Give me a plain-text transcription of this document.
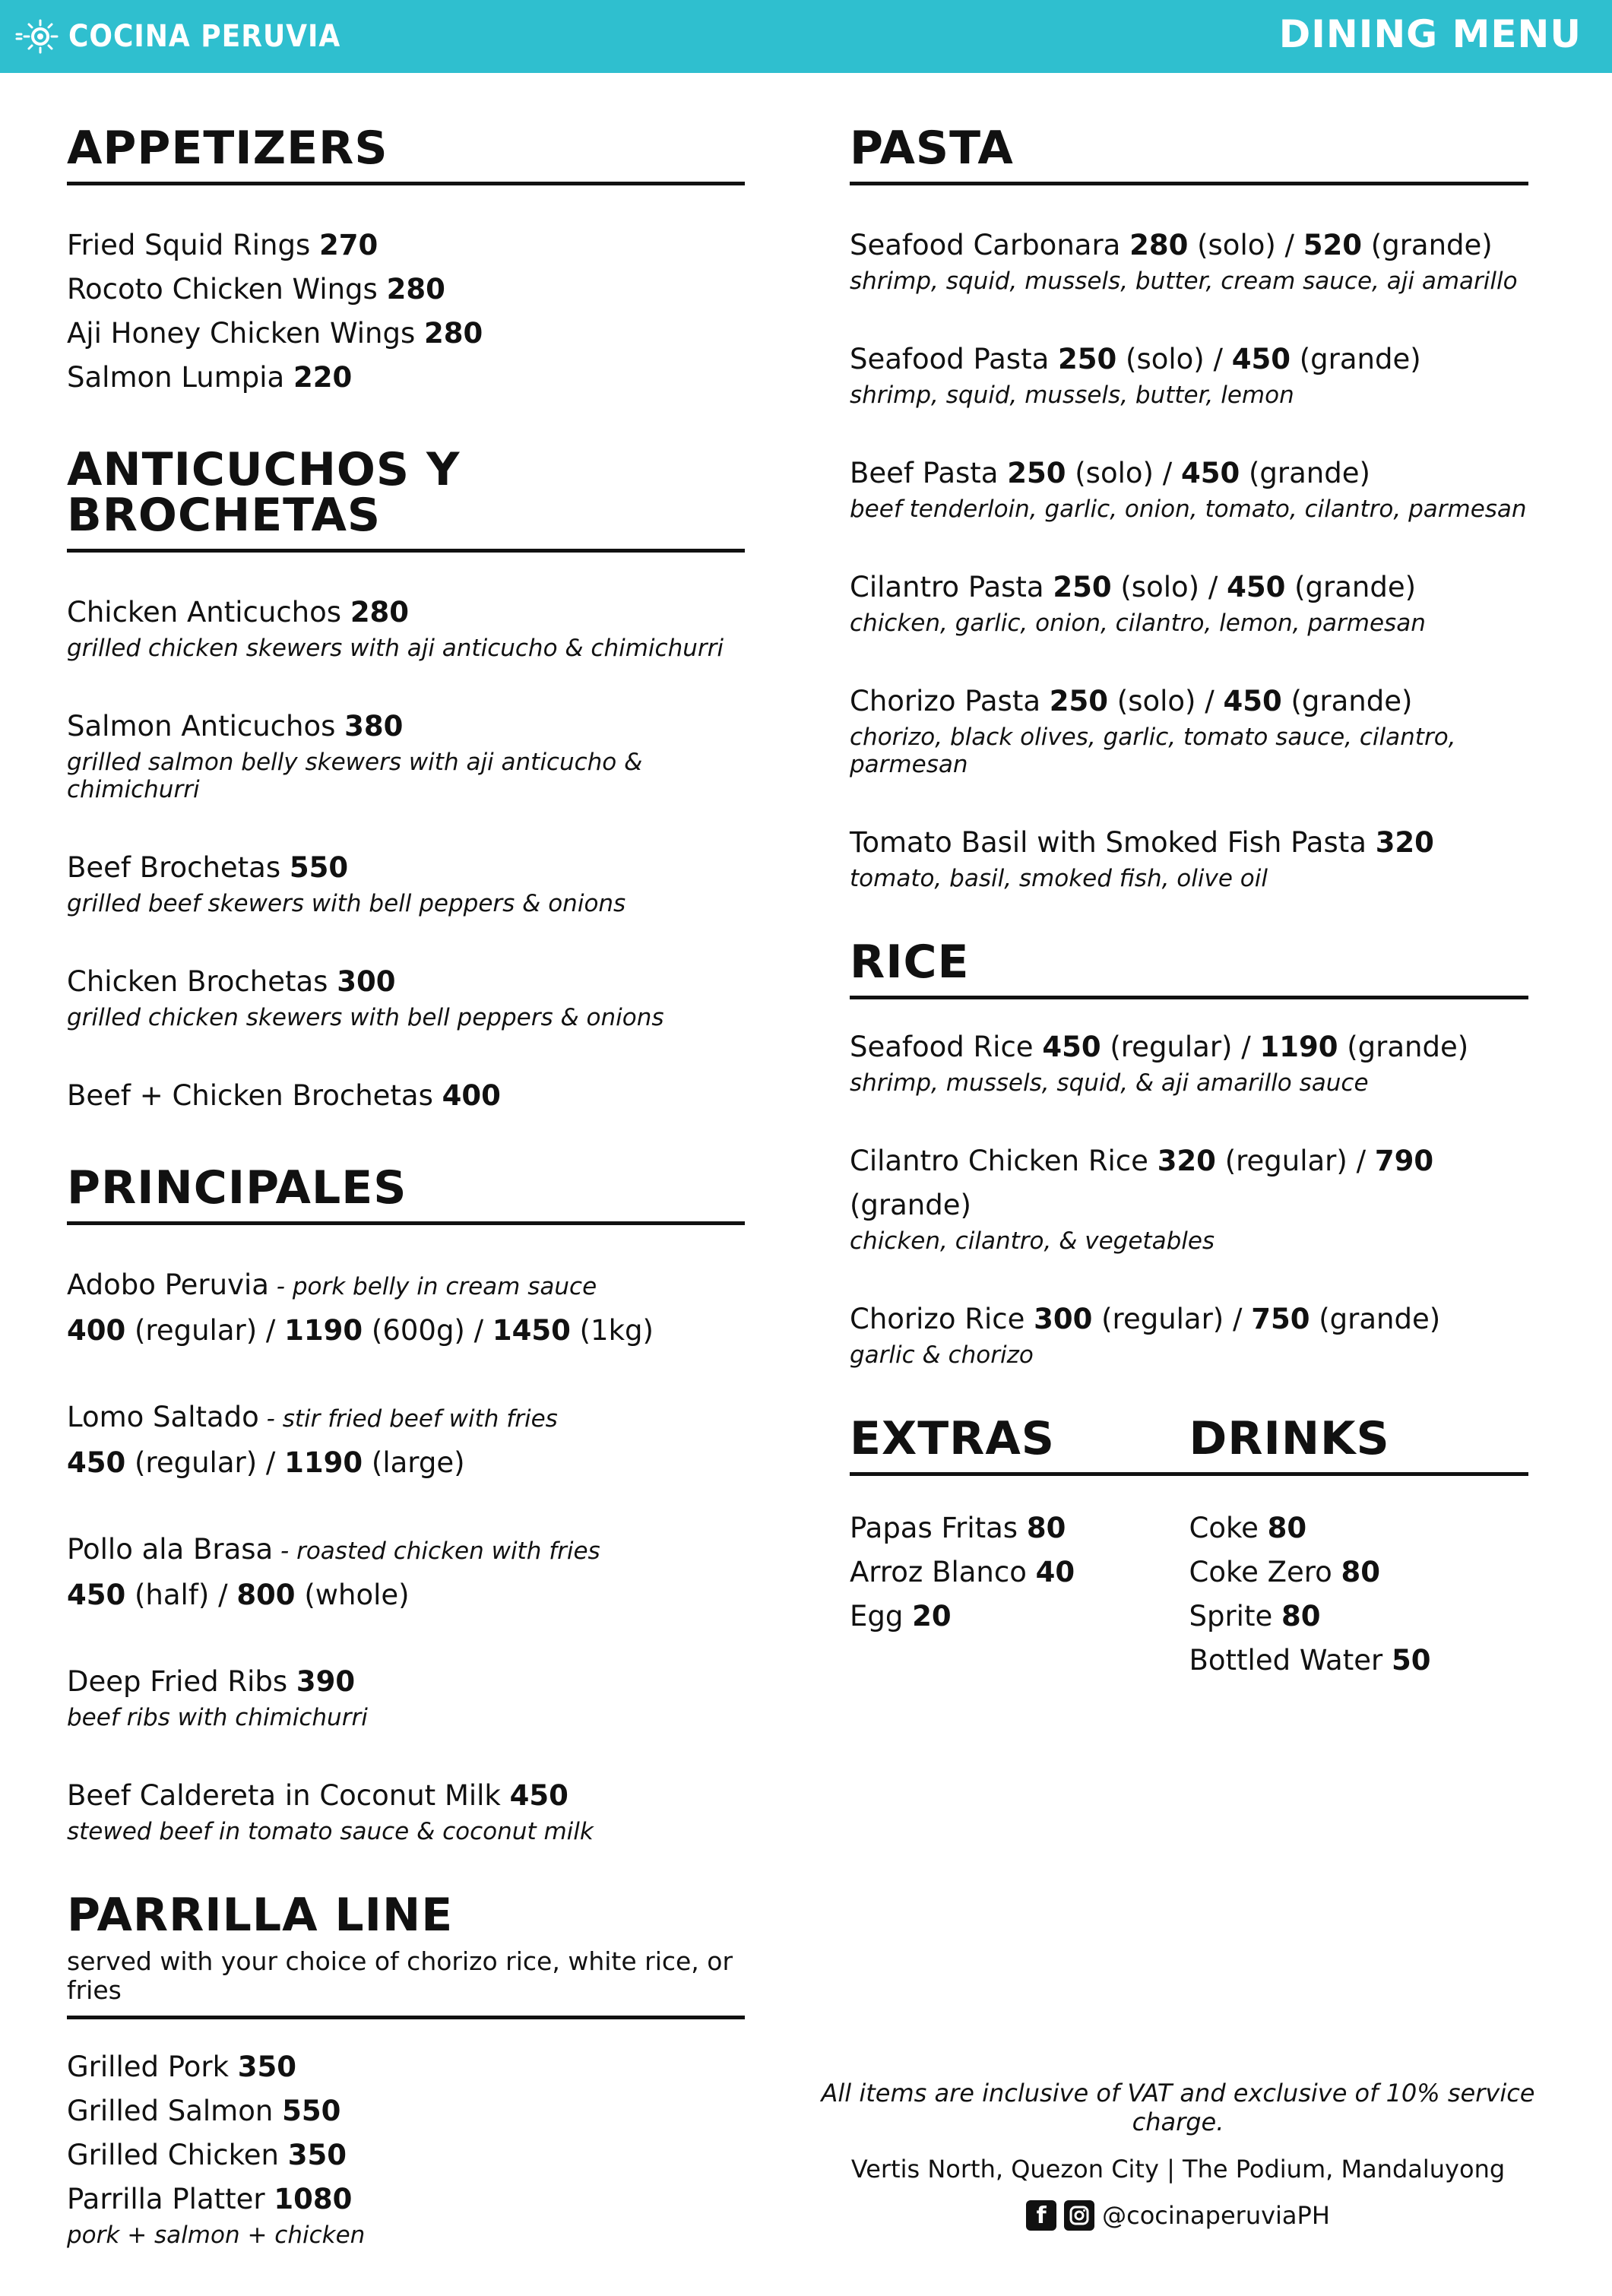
COCINA PERUVIA	DINING MENU
APPETIZERS
Fried Squid Rings 270
Rocoto Chicken Wings 280
Aji Honey Chicken Wings 280
Salmon Lumpia 220
ANTICUCHOS Y BROCHETAS
Chicken Anticuchos 280
grilled chicken skewers with aji anticucho & chimichurri
Salmon Anticuchos 380
grilled salmon belly skewers with aji anticucho & chimichurri
Beef Brochetas 550
grilled beef skewers with bell peppers & onions
Chicken Brochetas 300
grilled chicken skewers with bell peppers & onions
Beef + Chicken Brochetas 400
PRINCIPALES
Adobo Peruvia - pork belly in cream sauce
400 (regular) / 1190 (600g) / 1450 (1kg)
Lomo Saltado - stir fried beef with fries
450 (regular) / 1190 (large)
Pollo ala Brasa - roasted chicken with fries
450 (half) / 800 (whole)
Deep Fried Ribs 390
beef ribs with chimichurri
Beef Caldereta in Coconut Milk 450
stewed beef in tomato sauce & coconut milk
PARRILLA LINE
served with your choice of chorizo rice, white rice, or fries
Grilled Pork 350
Grilled Salmon 550
Grilled Chicken 350
Parrilla Platter 1080
pork + salmon + chicken
PASTA
Seafood Carbonara 280 (solo) / 520 (grande)
shrimp, squid, mussels, butter, cream sauce, aji amarillo
Seafood Pasta 250 (solo) / 450 (grande)
shrimp, squid, mussels, butter, lemon
Beef Pasta 250 (solo) / 450 (grande)
beef tenderloin, garlic, onion, tomato, cilantro, parmesan
Cilantro Pasta 250 (solo) / 450 (grande)
chicken, garlic, onion, cilantro, lemon, parmesan
Chorizo Pasta 250 (solo) / 450 (grande)
chorizo, black olives, garlic, tomato sauce, cilantro, parmesan
Tomato Basil with Smoked Fish Pasta 320
tomato, basil, smoked fish, olive oil
RICE
Seafood Rice 450 (regular) / 1190 (grande)
shrimp, mussels, squid, & aji amarillo sauce
Cilantro Chicken Rice 320 (regular) / 790 (grande)
chicken, cilantro, & vegetables
Chorizo Rice 300 (regular) / 750 (grande)
garlic & chorizo
EXTRAS	DRINKS
Papas Fritas 80
Arroz Blanco 40
Egg 20
Coke 80
Coke Zero 80
Sprite 80
Bottled Water 50
All items are inclusive of VAT and exclusive of 10% service charge.
Vertis North, Quezon City | The Podium, Mandaluyong
f	@cocinaperuviaPH
